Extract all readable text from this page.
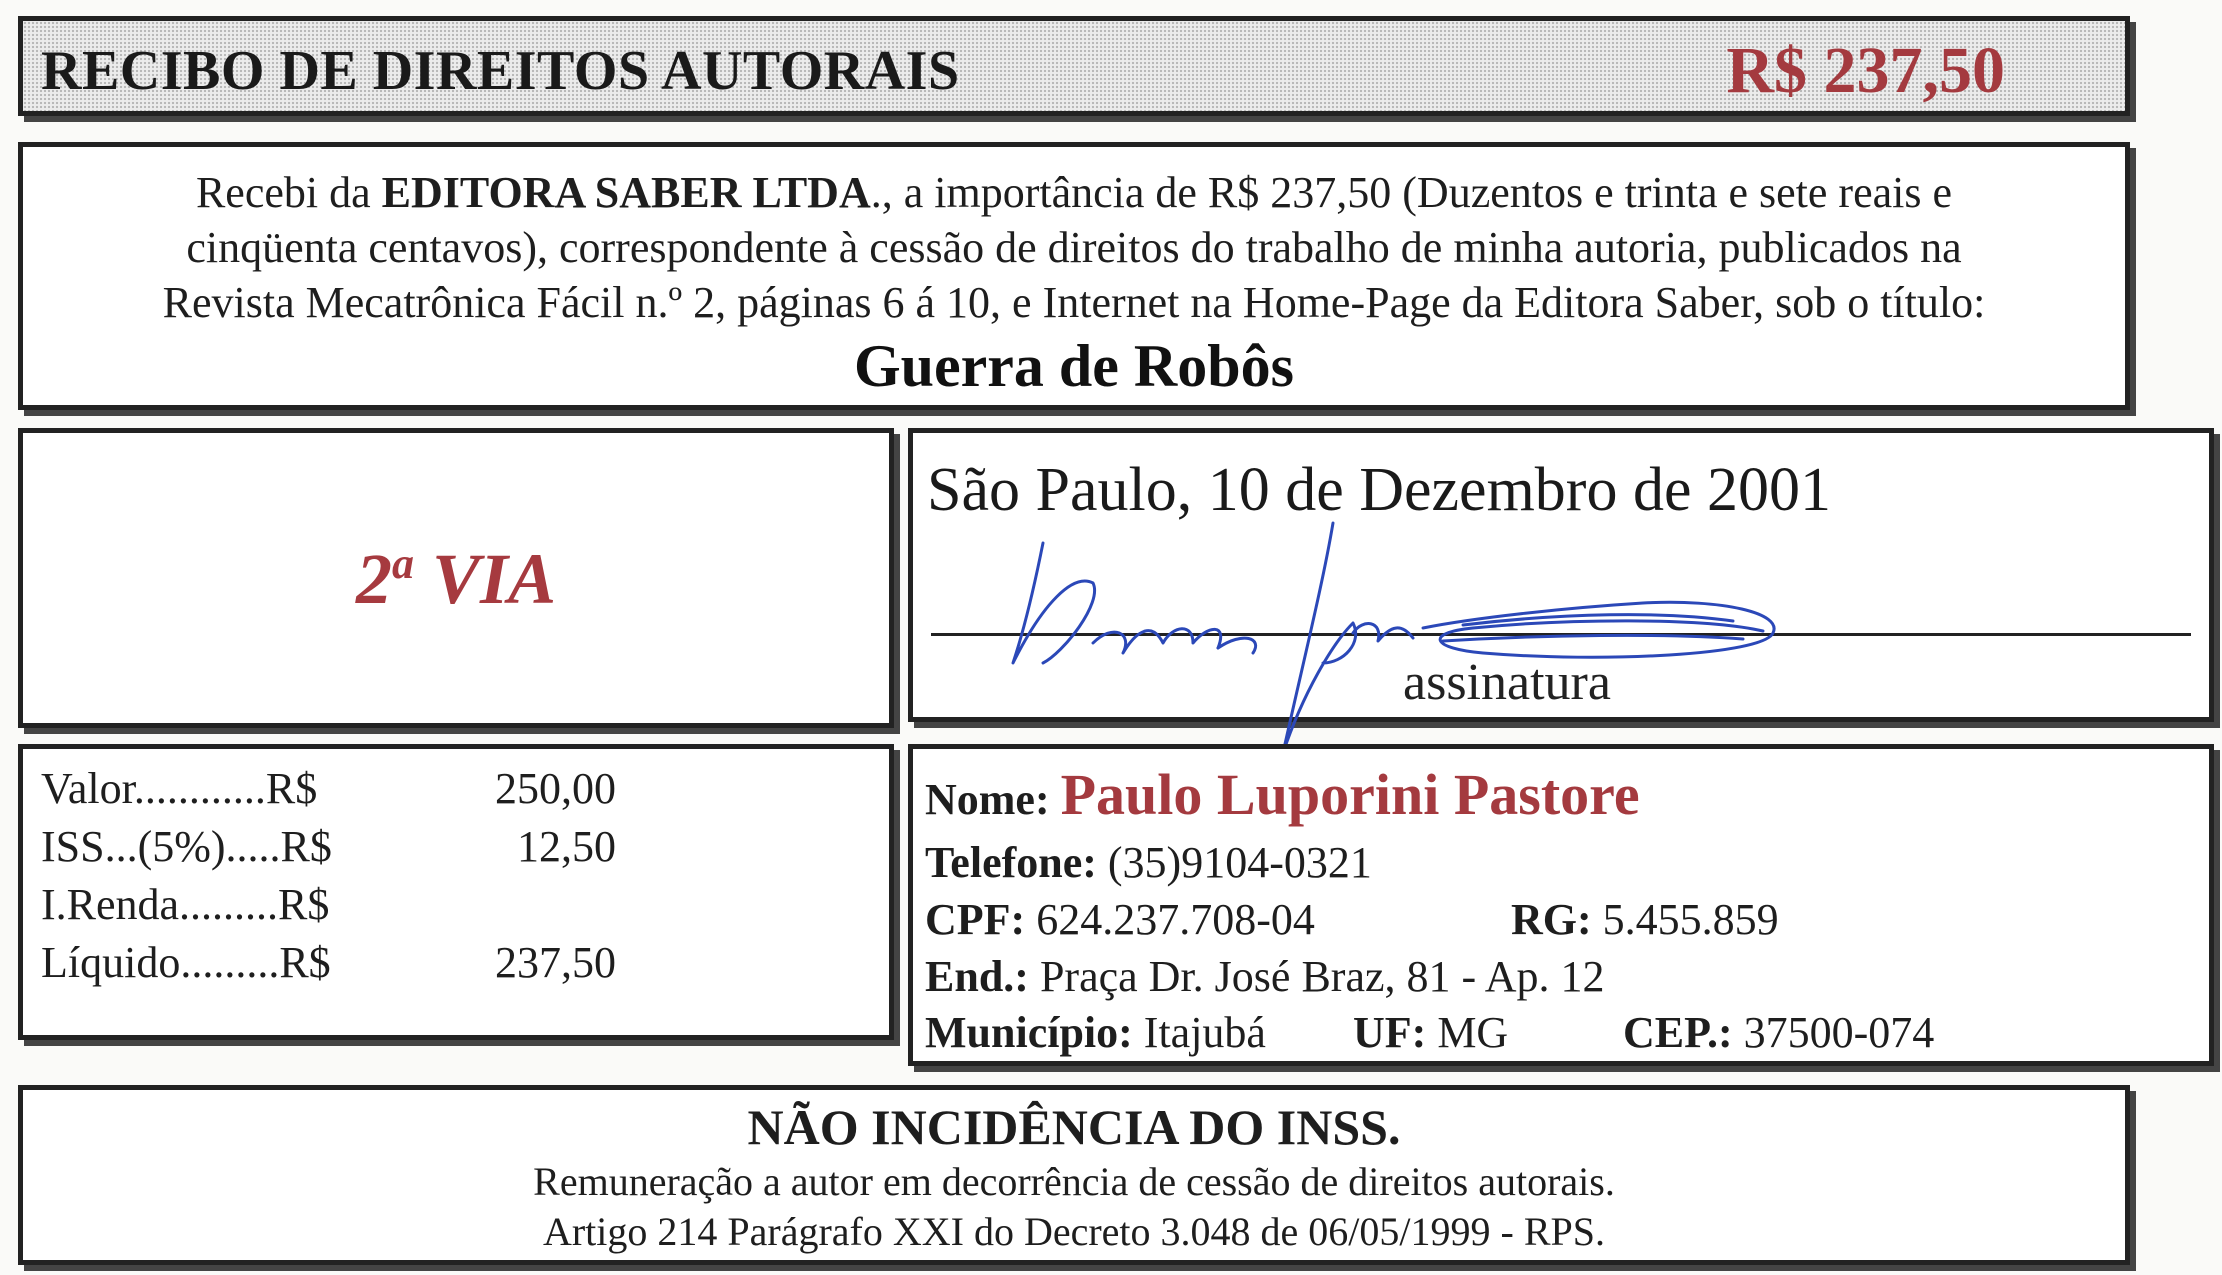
RECIBO DE DIREITOS AUTORAIS	R$ 237,50

Recebi da EDITORA SABER LTDA., a importância de R$ 237,50 (Duzentos e trinta e sete reais e

cinqüenta centavos), correspondente à cessão de direitos do trabalho de minha autoria, publicados na

Revista Mecatrônica Fácil n.º 2, páginas 6 á 10, e Internet na Home-Page da Editora Saber, sob o título:

Guerra de Robôs

2$^a$ VIA
São Paulo, 10 de Dezembro de 2001
assinatura
Valor............R$	250,00
ISS...(5%).....R$	12,50
I.Renda.........R$
Líquido.........R$	237,50
Nome: Paulo Luporini Pastore
Telefone: (35)9104-0321
CPF: 624.237.708-04	RG: 5.455.859
End.: Praça Dr. José Braz, 81 - Ap. 12
Município: Itajubá UF: MG	CEP.: 37500-074
NÃO INCIDÊNCIA DO INSS.
Remuneração a autor em decorrência de cessão de direitos autorais.
Artigo 214 Parágrafo XXI do Decreto 3.048 de 06/05/1999 - RPS.
